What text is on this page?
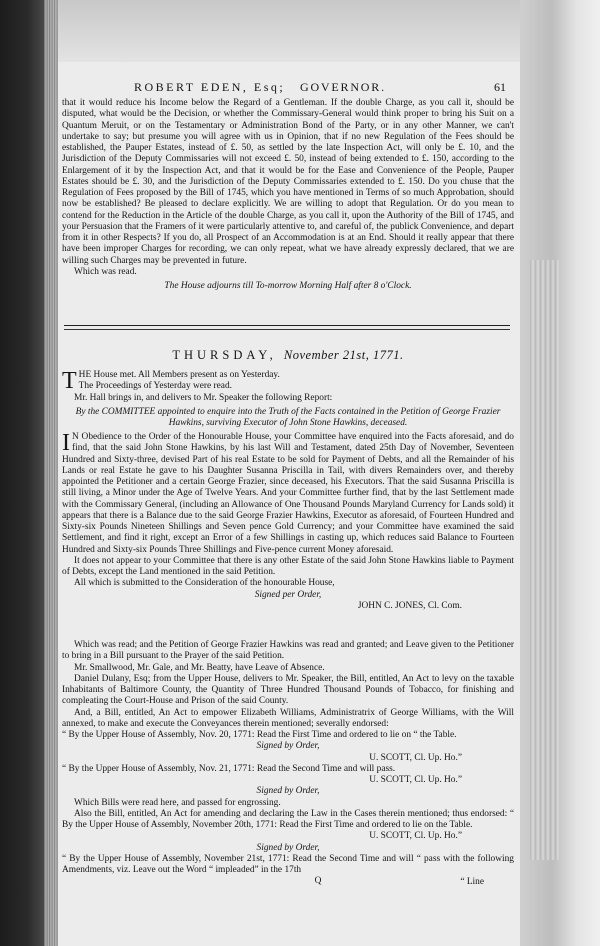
ROBERT EDEN, Esq; GOVERNOR.	61

that it would reduce his Income below the Regard of a Gentleman. If the double Charge, as you call it, should be disputed, what would be the Decision, or whether the Commissary-General would think proper to bring his Suit on a Quantum Meruit, or on the Testamentary or Administration Bond of the Party, or in any other Manner, we can't undertake to say; but presume you will agree with us in Opinion, that if no new Regulation of the Fees should be established, the Pauper Estates, instead of £. 50, as settled by the late Inspection Act, will only be £. 10, and the Jurisdiction of the Deputy Commissaries will not exceed £. 50, instead of being extended to £. 150, according to the Enlargement of it by the Inspection Act, and that it would be for the Ease and Convenience of the People, Pauper Estates should be £. 30, and the Jurisdiction of the Deputy Commissaries extended to £. 150. Do you chuse that the Regulation of Fees proposed by the Bill of 1745, which you have mentioned in Terms of so much Approbation, should now be established? Be pleased to declare explicitly. We are willing to adopt that Regulation. Or do you mean to contend for the Reduction in the Article of the double Charge, as you call it, upon the Authority of the Bill of 1745, and your Persuasion that the Framers of it were particularly attentive to, and careful of, the publick Convenience, and depart from it in other Respects? If you do, all Prospect of an Accommodation is at an End. Should it really appear that there have been improper Charges for recording, we can only repeat, what we have already expressly declared, that we are willing such Charges may be prevented in future.

Which was read.

The House adjourns till To-morrow Morning Half after 8 o'Clock.

THURSDAY, November 21st, 1771.

T HE House met. All Members present as on Yesterday.
The Proceedings of Yesterday were read.

Mr. Hall brings in, and delivers to Mr. Speaker the following Report:

By the COMMITTEE appointed to enquire into the Truth of the Facts contained in the Petition of George Frazier Hawkins, surviving Executor of John Stone Hawkins, deceased.

I N Obedience to the Order of the Honourable House, your Committee have enquired into the Facts aforesaid, and do find, that the said John Stone Hawkins, by his last Will and Testament, dated 25th Day of November, Seventeen Hundred and Sixty-three, devised Part of his real Estate to be sold for Payment of Debts, and all the Remainder of his Lands or real Estate he gave to his Daughter Susanna Priscilla in Tail, with divers Remainders over, and thereby appointed the Petitioner and a certain George Frazier, since deceased, his Executors. That the said Susanna Priscilla is still living, a Minor under the Age of Twelve Years. And your Committee further find, that by the last Settlement made with the Commissary General, (including an Allowance of One Thousand Pounds Maryland Currency for Lands sold) it appears that there is a Balance due to the said George Frazier Hawkins, Executor as aforesaid, of Fourteen Hundred and Sixty-six Pounds Nineteen Shillings and Seven pence Gold Currency; and your Committee have examined the said Settlement, and find it right, except an Error of a few Shillings in casting up, which reduces said Balance to Fourteen Hundred and Sixty-six Pounds Three Shillings and Five-pence current Money aforesaid.

It does not appear to your Committee that there is any other Estate of the said John Stone Hawkins liable to Payment of Debts, except the Land mentioned in the said Petition.

All which is submitted to the Consideration of the honourable House,

Signed per Order,

JOHN C. JONES, Cl. Com.

Which was read; and the Petition of George Frazier Hawkins was read and granted; and Leave given to the Petitioner to bring in a Bill pursuant to the Prayer of the said Petition.

Mr. Smallwood, Mr. Gale, and Mr. Beatty, have Leave of Absence.

Daniel Dulany, Esq; from the Upper House, delivers to Mr. Speaker, the Bill, entitled, An Act to levy on the taxable Inhabitants of Baltimore County, the Quantity of Three Hundred Thousand Pounds of Tobacco, for finishing and compleating the Court-House and Prison of the said County.

And, a Bill, entitled, An Act to empower Elizabeth Williams, Administratrix of George Williams, with the Will annexed, to make and execute the Conveyances therein mentioned; severally endorsed:

“ By the Upper House of Assembly, Nov. 20, 1771: Read the First Time and ordered to lie on “ the Table.

Signed by Order,

U. SCOTT, Cl. Up. Ho.”

“ By the Upper House of Assembly, Nov. 21, 1771: Read the Second Time and will pass.

U. SCOTT, Cl. Up. Ho.”

Signed by Order,

Which Bills were read here, and passed for engrossing.

Also the Bill, entitled, An Act for amending and declaring the Law in the Cases therein mentioned; thus endorsed: “ By the Upper House of Assembly, November 20th, 1771: Read the First Time and ordered to lie on the Table.

U. SCOTT, Cl. Up. Ho.”

Signed by Order,

“ By the Upper House of Assembly, November 21st, 1771: Read the Second Time and will “ pass with the following Amendments, viz. Leave out the Word “ impleaded” in the 17th

Q	“ Line
